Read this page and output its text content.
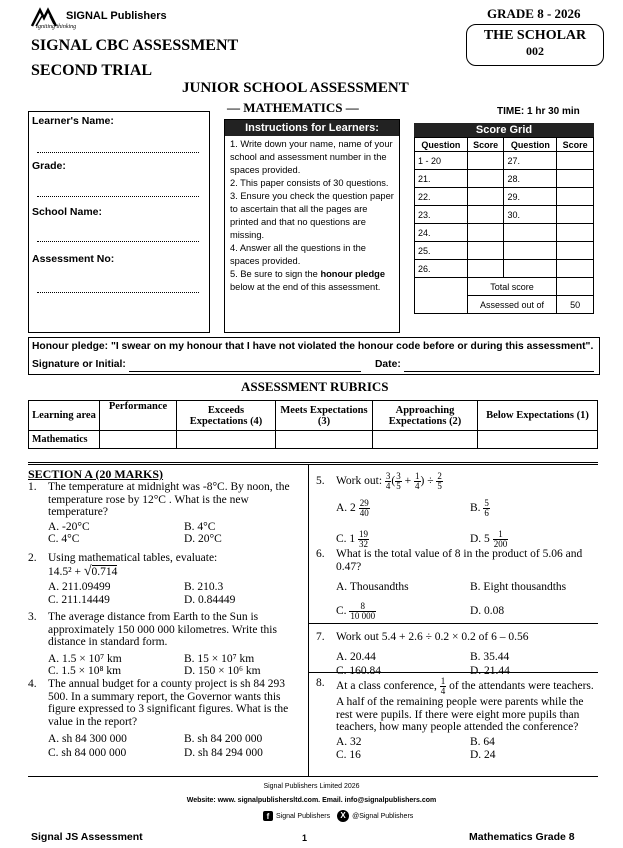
SIGNAL Publishers
Igniting thinking
SIGNAL CBC ASSESSMENT
SECOND TRIAL
GRADE 8 - 2026
THE SCHOLAR
002
JUNIOR SCHOOL ASSESSMENT
— MATHEMATICS —	TIME: 1 hr 30 min
Learner's Name:
Grade:
School Name:
Assessment No:
Instructions for Learners:
1. Write down your name, name of your school and assessment number in the spaces provided.
2. This paper consists of 30 questions.
3. Ensure you check the question paper to ascertain that all the pages are printed and that no questions are missing.
4. Answer all the questions in the spaces provided.
5. Be sure to sign the honour pledge below at the end of this assessment.
Score Grid
Question	Score	Question	Score
1 - 20		27.	
21.		28.	
22.		29.	
23.		30.	
24.			
25.			
26.			
	Total score		
	Assessed out of		50
Honour pledge: "I swear on my honour that I have not violated the honour code before or during this assessment".
Signature or Initial:	Date:
ASSESSMENT RUBRICS
Learning area	Performance	Exceeds Expectations (4)	Meets Expectations (3)	Approaching Expectations (2)	Below Expectations (1)
Mathematics					
SECTION A (20 MARKS)
1. The temperature at midnight was -8°C. By noon, the temperature rose by 12°C . What is the new temperature?
A. -20°C	B. 4°C
C. 4°C	D. 20°C
2. Using mathematical tables, evaluate:
14.5² + √0.714
A. 211.09499	B. 210.3
C. 211.14449	D. 0.84449
3. The average distance from Earth to the Sun is approximately 150 000 000 kilometres. Write this distance in standard form.
A. 1.5 × 10⁷ km	B. 15 × 10⁷ km
C. 1.5 × 10⁸ km	D. 150 × 10⁶ km
4. The annual budget for a county project is sh 84 293 500. In a summary report, the Governor wants this figure expressed to 3 significant figures. What is the value in the report?
A. sh 84 300 000	B. sh 84 200 000
C. sh 84 000 000	D. sh 84 294 000
5. Work out:
$\frac{3}{4}$ ( $\frac{3}{5} + \frac{1}{4}$ ) ÷ $\frac{2}{5}$
A. $2 \frac{29}{40}$	B. $\frac{5}{6}$
C. $1 \frac{19}{32}$	D. $5 \frac{1}{200}$
6. What is the total value of 8 in the product of 5.06 and 0.47?
A. Thousandths	B. Eight thousandths
C. $\frac{8}{10 000}$	D. 0.08
7. Work out 5.4 + 2.6 ÷ 0.2 × 0.2 of 6 – 0.56
A. 20.44	B. 35.44
C. 160.84	D. 21.44
8. At a class conference, $\frac{1}{4}$ of the attendants were teachers. A half of the remaining people were parents while the rest were pupils. If there were eight more pupils than teachers, how many people attended the conference?
A. 32	B. 64
C. 16	D. 24
Signal Publishers Limited 2026
Website: www. signalpublishersltd.com. Email. info@signalpublishers.com
f Signal Publishers	X @Signal Publishers
Signal JS Assessment	1	Mathematics Grade 8
